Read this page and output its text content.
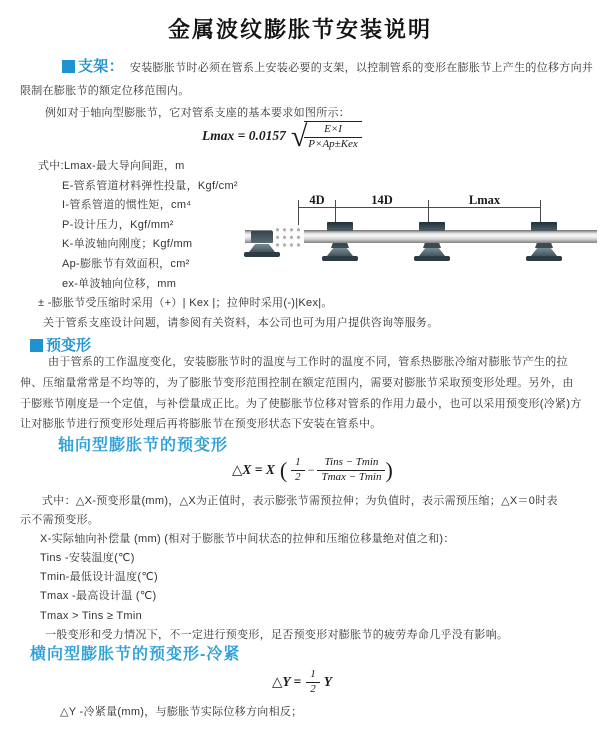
金属波纹膨胀节安装说明
支架： 安装膨胀节时必须在管系上安装必要的支架，以控制管系的变形在膨胀节上产生的位移方向并
限制在膨胀节的额定位移范围内。
例如对于轴向型膨胀节，它对管系支座的基本要求如图所示：
Lmax = 0.0157 √
$\frac{E\times I}{\text{P×Ap±Kex}}$
式中:Lmax-最大导向间距，m
E-管系管道材料弹性投量，Kgf/cm²
I-管系管道的惯性矩，cm⁴
P-设计压力，Kgf/mm²
K-单波轴向刚度；Kgf/mm
Ap-膨胀节有效面积，cm²
ex-单波轴向位移，mm
± -膨胀节受压缩时采用（+）| Kex |；拉伸时采用(-)|Kex|。
关于管系支座设计问题，请参阅有关资料，本公司也可为用户提供咨询等服务。
4D	14D	Lmax
预变形
由于管系的工作温度变化，安装膨胀节时的温度与工作时的温度不同，管系热膨胀冷缩对膨胀节产生的拉
伸、压缩量常常是不均等的，为了膨胀节变形范围控制在额定范围内，需要对膨胀节采取预变形处理。另外，由
于膨账节刚度是一个定值，与补偿量成正比。为了使膨胀节位移对管系的作用力最小，也可以采用预变形(冷紧)方
让对膨胀节进行预变形处理后再将膨胀节在预变形状态下安装在管系中。
轴向型膨胀节的预变形
△X = X ( $\frac{1}{2} - \frac{\text{Tins − Tmin}}{Tmax - Tmin}$ )
式中：△X-预变形量(mm)，△X为正值时，表示膨张节需预拉伸；为负值时，表示需预压缩；△X＝0时表
示不需预变形。
X-实际轴向补偿量 (mm) (相对于膨胀节中间状态的拉伸和压缩位移量绝对值之和)：
Tins -安装温度(℃)
Tmin-最低设计温度(℃)
Tmax -最高设计温 (℃)
Tmax > Tins ≥ Tmin
一般变形和受力情况下，不一定进行预变形，足否预变形对膨胀节的疲劳寿命几乎没有影响。
横向型膨胀节的预变形-冷紧
△Y = $\frac{1}{2}$ Y
△Y -冷紧量(mm)，与膨胀节实际位移方向相反；
